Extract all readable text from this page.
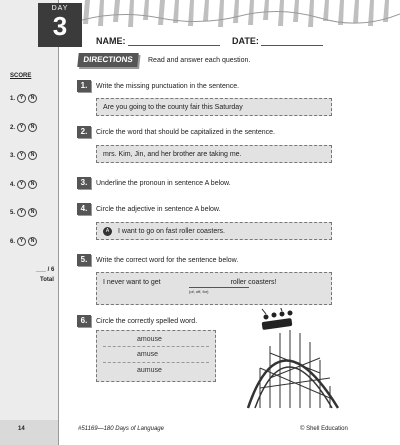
DAY
3	NAME:	DATE:
DIRECTIONS	Read and answer each question.
SCORE
1. Y	N
2. Y	N
3. Y	N
4. Y	N
5. Y	N
6. Y	N
___ / 6
Total
1.	Write the missing punctuation in the sentence.
Are you going to the county fair this Saturday
2.	Circle the word that should be capitalized in the sentence.
mrs. Kim, Jin, and her brother are taking me.
3.	Underline the pronoun in sentence A below.
4.	Circle the adjective in sentence A below.
A	I want to go on fast roller coasters.
5.	Write the correct word for the sentence below.
I never want to get	roller coasters!
(of, off, for)
6.	Circle the correctly spelled word.
amouse
amuse
aumuse
14	#51169—180 Days of Language	© Shell Education
